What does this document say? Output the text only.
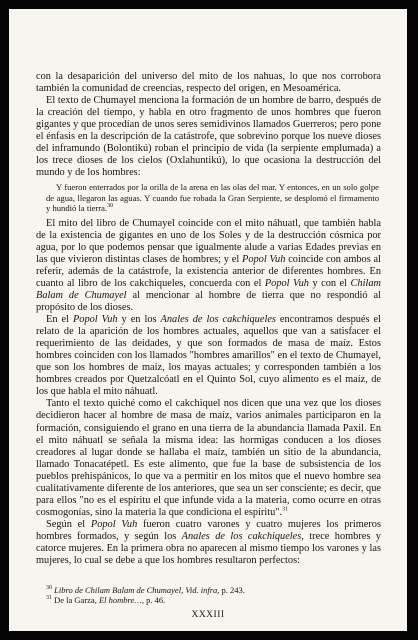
con la desaparición del universo del mito de los nahuas, lo que nos corrobora también la comunidad de creencias, respecto del origen, en Mesoamérica.

El texto de Chumayel menciona la formación de un hombre de barro, después de la creación del tiempo, y habla en otro fragmento de unos hombres que fueron gigantes y que procedían de unos seres semidivinos llamados Guerreros; pero pone el énfasis en la descripción de la catástrofe, que sobrevino porque los nueve dioses del inframundo (Bolontikú) roban el principio de vida (la serpiente emplumada) a los trece dioses de los cielos (Oxlahuntikú), lo que ocasiona la destrucción del mundo y de los hombres:

Y fueron enterrados por la orilla de la arena en las olas del mar. Y entonces, en un solo golpe de agua, llegaron las aguas. Y cuando fue robada la Gran Serpiente, se desplomó el firmamento y hundió la tierra.$^{30}$

El mito del libro de Chumayel coincide con el mito náhuatl, que también habla de la existencia de gigantes en uno de los Soles y de la destrucción cósmica por agua, por lo que podemos pensar que igualmente alude a varias Edades previas en las que vivieron distintas clases de hombres; y el Popol Vuh coincide con ambos al referir, además de la catástrofe, la existencia anterior de diferentes hombres. En cuanto al libro de los cakchiqueles, concuerda con el Popol Vuh y con el Chilam Balam de Chumayel al mencionar al hombre de tierra que no respondió al propósito de los dioses.

En el Popol Vuh y en los Anales de los cakchiqueles encontramos después el relato de la aparición de los hombres actuales, aquellos que van a satisfacer el requerimiento de las deidades, y que son formados de masa de maíz. Estos hombres coinciden con los llamados "hombres amarillos" en el texto de Chumayel, que son los hombres de maíz, los mayas actuales; y corresponden también a los hombres creados por Quetzalcóatl en el Quinto Sol, cuyo alimento es el maíz, de los que habla el mito náhuatl.

Tanto el texto quiché como el cakchiquel nos dicen que una vez que los dioses decidieron hacer al hombre de masa de maíz, varios animales participaron en la formación, consiguiendo el grano en una tierra de la abundancia llamada Paxil. En el mito náhuatl se señala la misma idea: las hormigas conducen a los dioses creadores al lugar donde se hallaba el maíz, también un sitio de la abundancia, llamado Tonacatépetl. Es este alimento, que fue la base de subsistencia de los pueblos prehispánicos, lo que va a permitir en los mitos que el nuevo hombre sea cualitativamente diferente de los anteriores, que sea un ser consciente; es decir, que para ellos "no es el espíritu el que infunde vida a la materia, como ocurre en otras cosmogonías, sino la materia la que condiciona el espíritu".$^{31}$

Según el Popol Vuh fueron cuatro varones y cuatro mujeres los primeros hombres formados, y según los Anales de los cakchiqueles, trece hombres y catorce mujeres. En la primera obra no aparecen al mismo tiempo los varones y las mujeres, lo cual se debe a que los hombres resultaron perfectos:

$^{30}$ Libro de Chilam Balam de Chumayel, Vid. infra, p. 243.
$^{31}$ De la Garza, El hombre…, p. 46.
XXXIII
